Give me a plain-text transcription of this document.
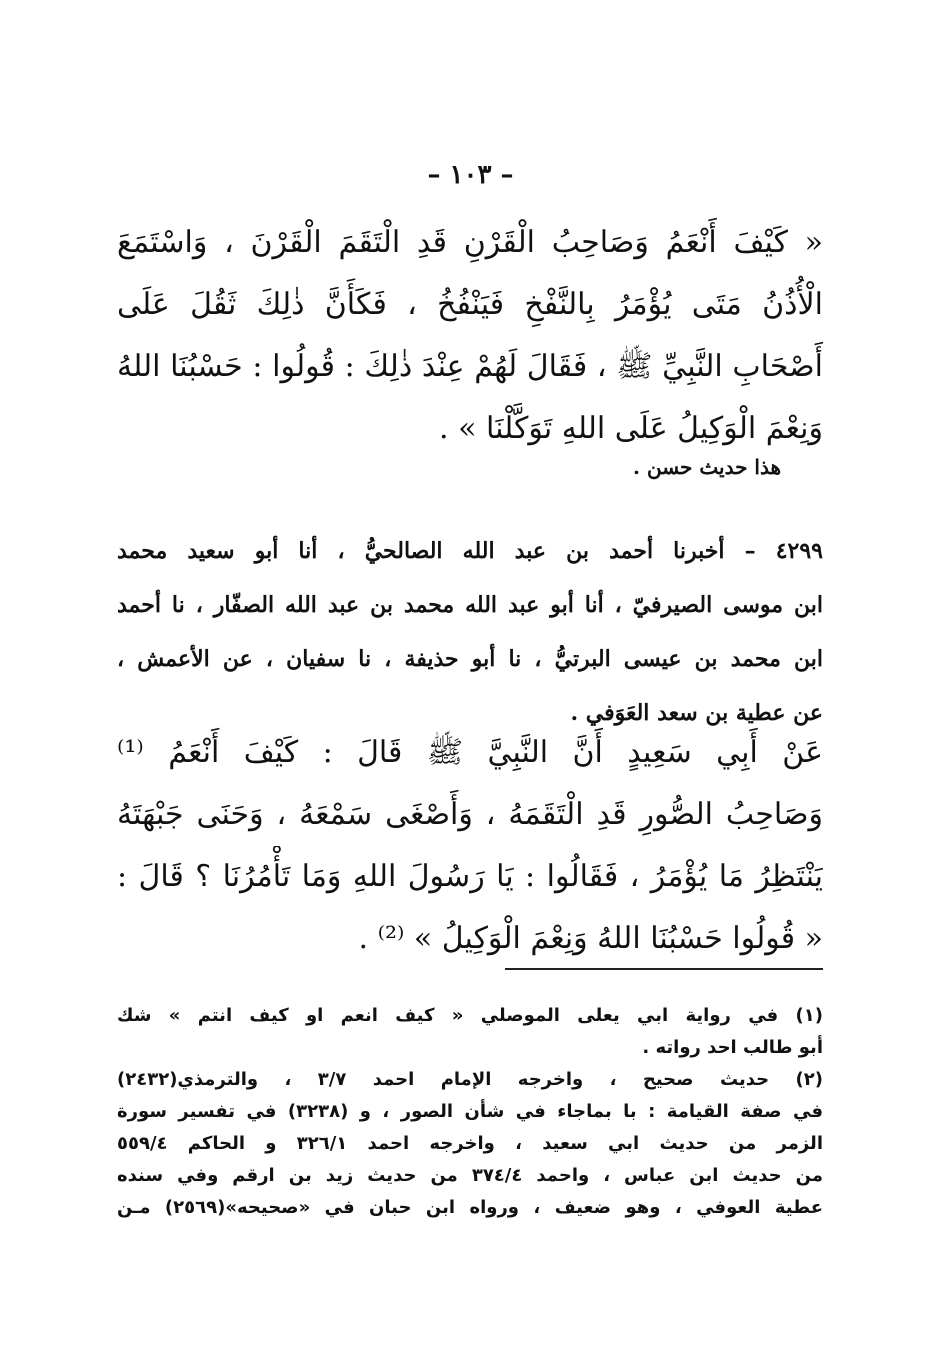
– ١٠٣ –
« كَيْفَ أَنْعَمُ وَصَاحِبُ الْقَرْنِ قَدِ الْتَقَمَ الْقَرْنَ ، وَاسْتَمَعَ
الْأُذُنُ مَتَى يُؤْمَرُ بِالنَّفْخِ فَيَنْفُخُ ، فَكَأَنَّ ذٰلِكَ ثَقُلَ عَلَى
أَصْحَابِ النَّبِيِّ ﷺ ، فَقَالَ لَهُمْ عِنْدَ ذٰلِكَ : قُولُوا : حَسْبُنَا اللهُ
وَنِعْمَ الْوَكِيلُ عَلَى اللهِ تَوَكَّلْنَا » .
هذا حديث حسن .
٤٢٩٩ – أخبرنا أحمد بن عبد الله الصالحيُّ ، أنا أبو سعيد محمد
ابن موسى الصيرفيّ ، أنا أبو عبد الله محمد بن عبد الله الصفّار ، نا أحمد
ابن محمد بن عيسى البرتيُّ ، نا أبو حذيفة ، نا سفيان ، عن الأعمش ،
عن عطية بن سعد العَوَفي .
عَنْ أَبِي سَعِيدٍ أَنَّ النَّبِيَّ ﷺ قَالَ : كَيْفَ أَنْعَمُ ⁽¹⁾
وَصَاحِبُ الصُّورِ قَدِ الْتَقَمَهُ ، وَأَصْغَى سَمْعَهُ ، وَحَنَى جَبْهَتَهُ
يَنْتَظِرُ مَا يُؤْمَرُ ، فَقَالُوا : يَا رَسُولَ اللهِ وَمَا تَأْمُرُنَا ؟ قَالَ :
« قُولُوا حَسْبُنَا اللهُ وَنِعْمَ الْوَكِيلُ » ⁽²⁾ .
(١) في رواية ابي يعلى الموصلي « كيف انعم او كيف انتم » شك
أبو طالب احد رواته .
(٢) حديث صحيح ، واخرجه الإمام احمد ٣/٧ ، والترمذي(٢٤٣٢)
في صفة القيامة : با بماجاء في شأن الصور ، و (٣٢٣٨) في تفسير سورة
الزمر من حديث ابي سعيد ، واخرجه احمد ٣٢٦/١ و الحاكم ٥٥٩/٤
من حديث ابن عباس ، واحمد ٣٧٤/٤ من حديث زيد بن ارقم وفي سنده
عطية العوفي ، وهو ضعيف ، ورواه ابن حبان في «صحيحه»(٢٥٦٩) مـن
